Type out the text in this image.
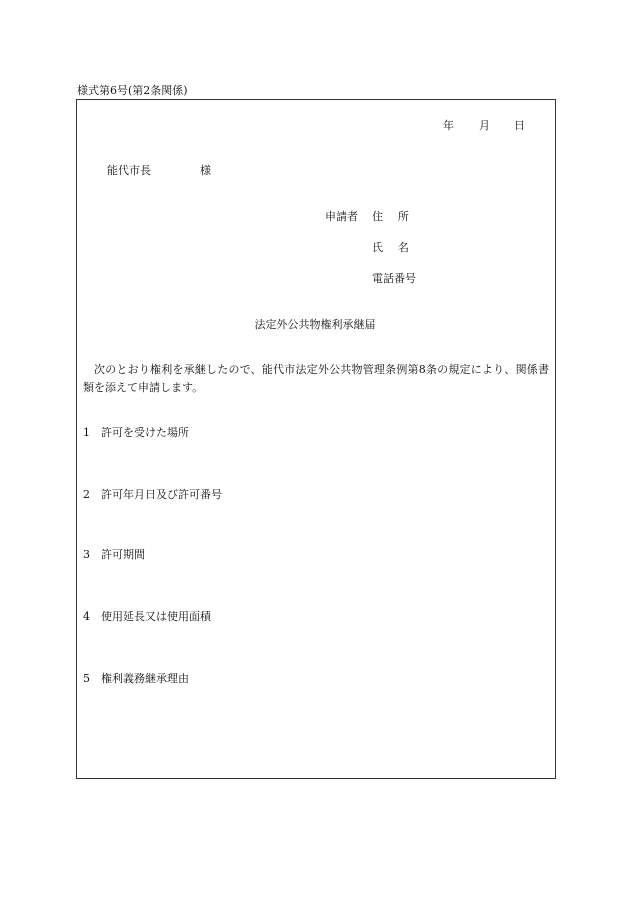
様式第6号(第2条関係)
年 月 日
能代市長	様
申請者 住所
氏名
電話番号
法定外公共物権利承継届
次のとおり権利を承継したので、能代市法定外公共物管理条例第8条の規定により、関係書類を添えて申請します。
1 許可を受けた場所
2 許可年月日及び許可番号
3 許可期間
4 使用延長又は使用面積
5 権利義務継承理由
